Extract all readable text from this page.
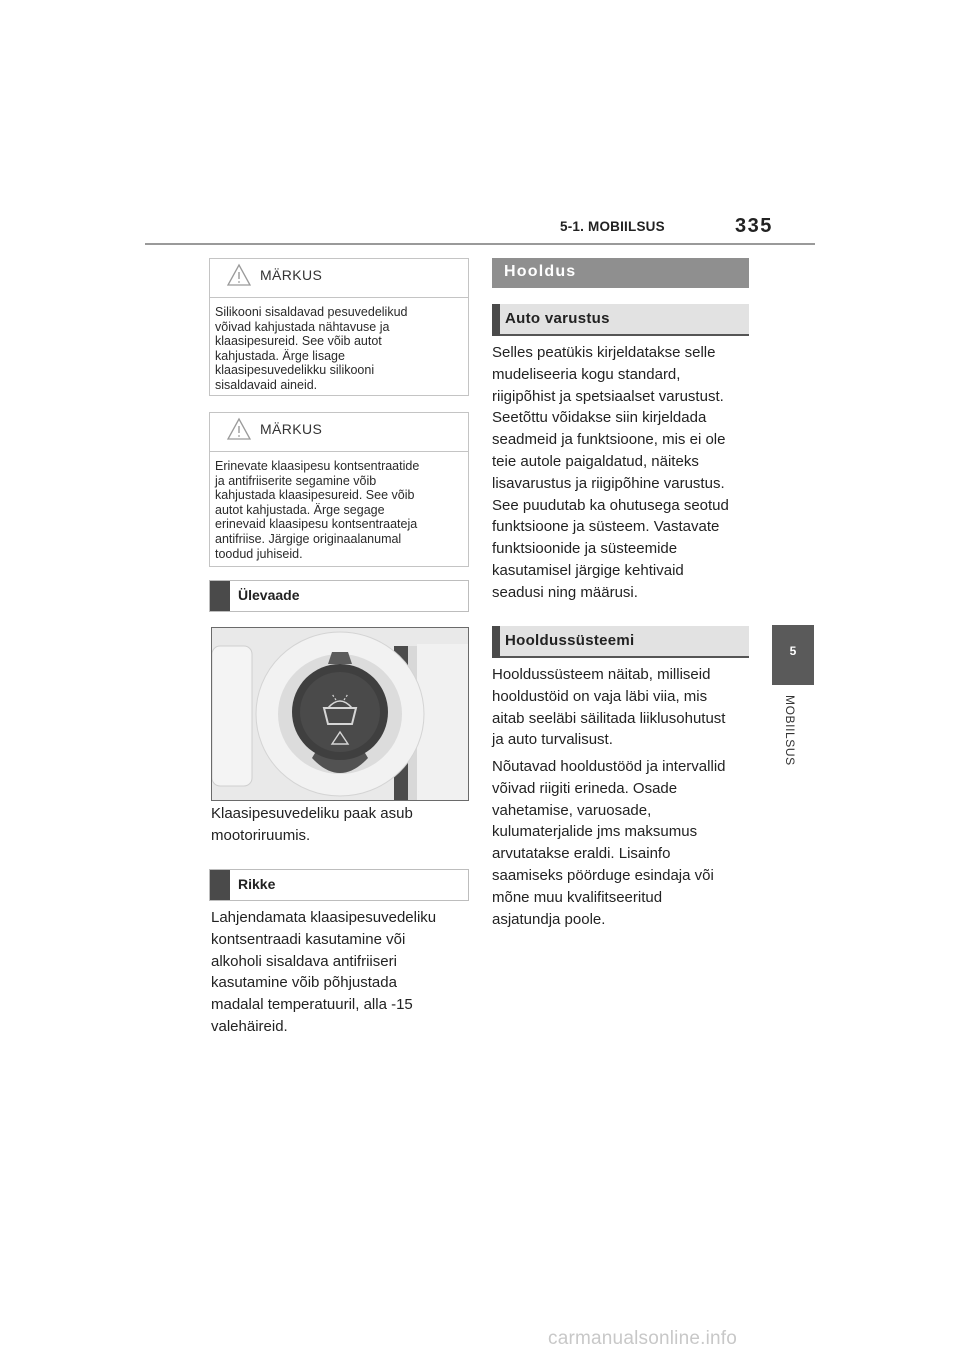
5-1. MOBIILSUS	335
5
MOBIILSUS
MÄRKUS
Silikooni sisaldavad pesuvedelikud
võivad kahjustada nähtavuse ja
klaasipesureid. See võib autot
kahjustada. Ärge lisage
klaasipesuvedelikku silikooni
sisaldavaid aineid.
MÄRKUS
Erinevate klaasipesu kontsentraatide
ja antifriiserite segamine võib
kahjustada klaasipesureid. See võib
autot kahjustada. Ärge segage
erinevaid klaasipesu kontsentraateja
antifriise. Järgige originaalanumal
toodud juhiseid.
Ülevaade
Klaasipesuvedeliku paak asub
mootoriruumis.
Rikke
Lahjendamata klaasipesuvedeliku
kontsentraadi kasutamine või
alkoholi sisaldava antifriiseri
kasutamine võib põhjustada
madalal temperatuuril, alla -15
valehäireid.
Hooldus
Auto varustus
Selles peatükis kirjeldatakse selle
mudeliseeria kogu standard,
riigipõhist ja spetsiaalset varustust.
Seetõttu võidakse siin kirjeldada
seadmeid ja funktsioone, mis ei ole
teie autole paigaldatud, näiteks
lisavarustus ja riigipõhine varustus.
See puudutab ka ohutusega seotud
funktsioone ja süsteem. Vastavate
funktsioonide ja süsteemide
kasutamisel järgige kehtivaid
seadusi ning määrusi.
Hooldussüsteemi
Hooldussüsteem näitab, milliseid
hooldustöid on vaja läbi viia, mis
aitab seeläbi säilitada liiklusohutust
ja auto turvalisust.
Nõutavad hooldustööd ja intervallid
võivad riigiti erineda. Osade
vahetamise, varuosade,
kulumaterjalide jms maksumus
arvutatakse eraldi. Lisainfo
saamiseks pöörduge esindaja või
mõne muu kvalifitseeritud
asjatundja poole.
carmanualsonline.info
